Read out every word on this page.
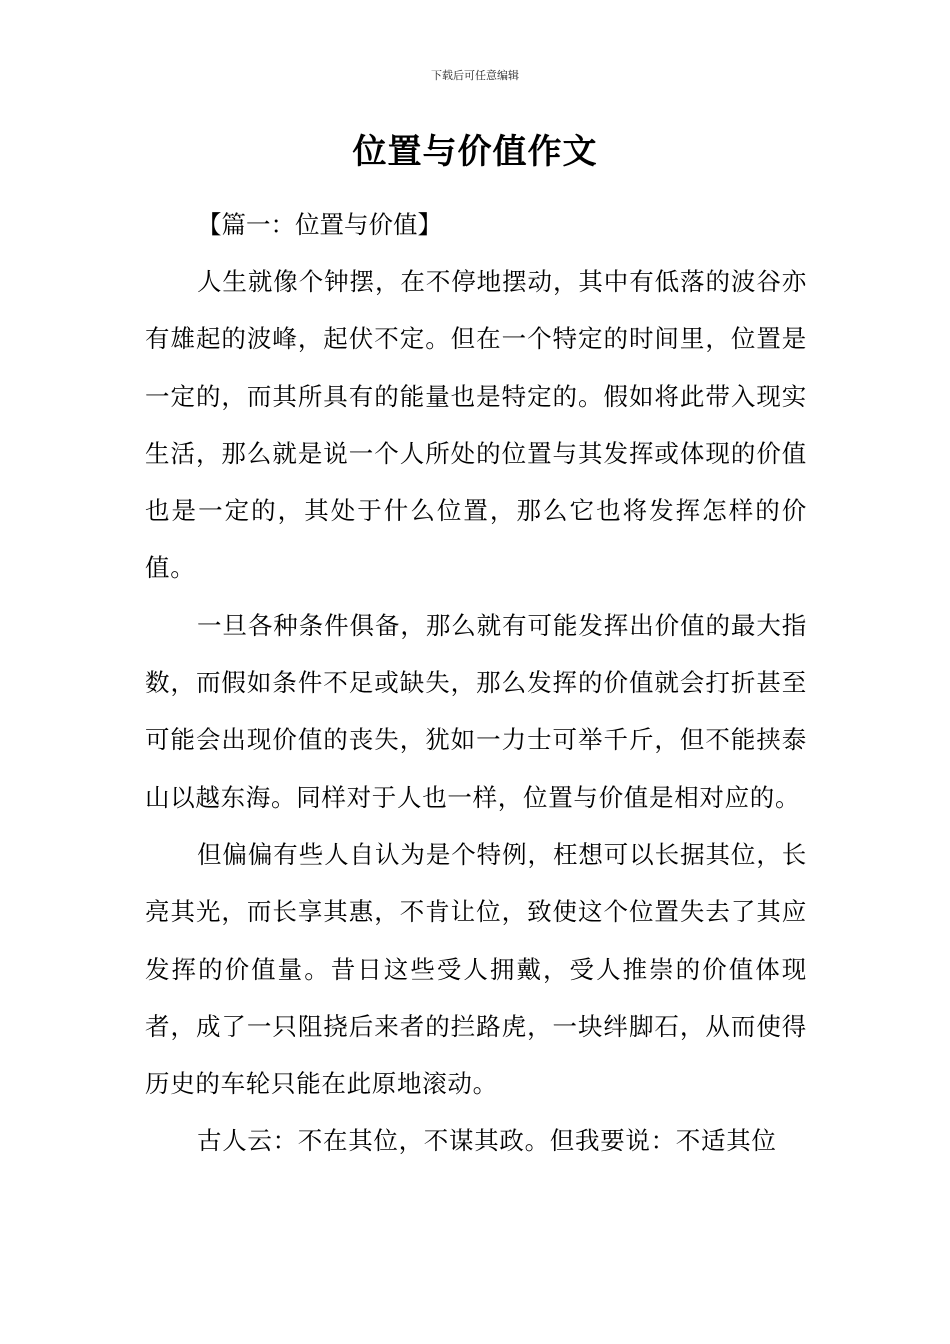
下载后可任意编辑
位置与价值作文

【篇一：位置与价值】

人生就像个钟摆，在不停地摆动，其中有低落的波谷亦有雄起的波峰，起伏不定。但在一个特定的时间里，位置是一定的，而其所具有的能量也是特定的。假如将此带入现实生活，那么就是说一个人所处的位置与其发挥或体现的价值也是一定的，其处于什么位置，那么它也将发挥怎样的价值。

一旦各种条件俱备，那么就有可能发挥出价值的最大指数，而假如条件不足或缺失，那么发挥的价值就会打折甚至可能会出现价值的丧失，犹如一力士可举千斤，但不能挟泰山以越东海。同样对于人也一样，位置与价值是相对应的。

但偏偏有些人自认为是个特例，枉想可以长据其位，长亮其光，而长享其惠，不肯让位，致使这个位置失去了其应发挥的价值量。昔日这些受人拥戴，受人推崇的价值体现者，成了一只阻挠后来者的拦路虎，一块绊脚石，从而使得历史的车轮只能在此原地滚动。

古人云：不在其位，不谋其政。但我要说：不适其位
